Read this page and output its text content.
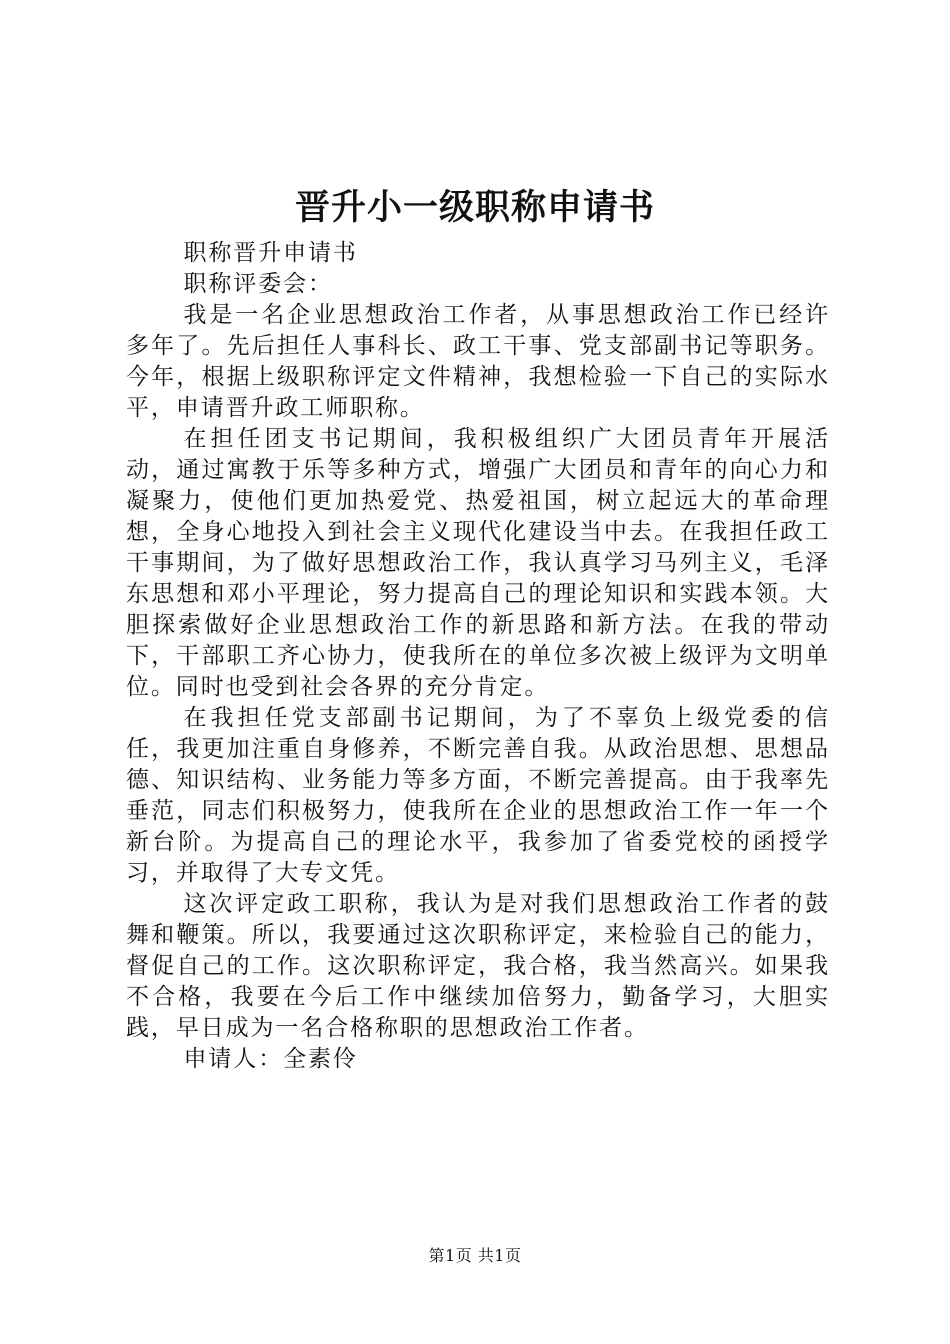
晋升小一级职称申请书

职称晋升申请书

职称评委会：

我是一名企业思想政治工作者，从事思想政治工作已经许多年了。先后担任人事科长、政工干事、党支部副书记等职务。今年，根据上级职称评定文件精神，我想检验一下自己的实际水平，申请晋升政工师职称。

在担任团支书记期间，我积极组织广大团员青年开展活动，通过寓教于乐等多种方式，增强广大团员和青年的向心力和凝聚力，使他们更加热爱党、热爱祖国，树立起远大的革命理想，全身心地投入到社会主义现代化建设当中去。在我担任政工干事期间，为了做好思想政治工作，我认真学习马列主义，毛泽东思想和邓小平理论，努力提高自己的理论知识和实践本领。大胆探索做好企业思想政治工作的新思路和新方法。在我的带动下，干部职工齐心协力，使我所在的单位多次被上级评为文明单位。同时也受到社会各界的充分肯定。

在我担任党支部副书记期间，为了不辜负上级党委的信任，我更加注重自身修养，不断完善自我。从政治思想、思想品德、知识结构、业务能力等多方面，不断完善提高。由于我率先垂范，同志们积极努力，使我所在企业的思想政治工作一年一个新台阶。为提高自己的理论水平，我参加了省委党校的函授学习，并取得了大专文凭。

这次评定政工职称，我认为是对我们思想政治工作者的鼓舞和鞭策。所以，我要通过这次职称评定，来检验自己的能力，督促自己的工作。这次职称评定，我合格，我当然高兴。如果我不合格，我要在今后工作中继续加倍努力，勤备学习，大胆实践，早日成为一名合格称职的思想政治工作者。

申请人：全素伶

第1页 共1页
